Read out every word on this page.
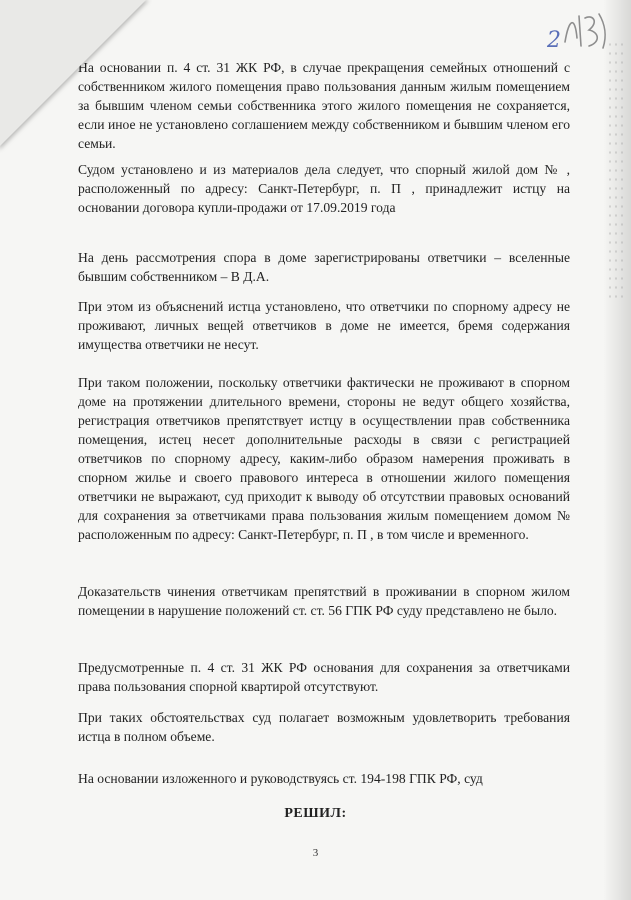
2

На основании п. 4 ст. 31 ЖК РФ, в случае прекращения семейных отношений с собственником жилого помещения право пользования данным жилым помещением за бывшим членом семьи собственника этого жилого помещения не сохраняется, если иное не установлено соглашением между собственником и бывшим членом его семьи.

Судом установлено и из материалов дела следует, что спорный жилой дом № , расположенный по адресу: Санкт-Петербург, п. П , принадлежит истцу на основании договора купли-продажи от 17.09.2019 года

На день рассмотрения спора в доме зарегистрированы ответчики – вселенные бывшим собственником – В Д.А.

При этом из объяснений истца установлено, что ответчики по спорному адресу не проживают, личных вещей ответчиков в доме не имеется, бремя содержания имущества ответчики не несут.

При таком положении, поскольку ответчики фактически не проживают в спорном доме на протяжении длительного времени, стороны не ведут общего хозяйства, регистрация ответчиков препятствует истцу в осуществлении прав собственника помещения, истец несет дополнительные расходы в связи с регистрацией ответчиков по спорному адресу, каким-либо образом намерения проживать в спорном жилье и своего правового интереса в отношении жилого помещения ответчики не выражают, суд приходит к выводу об отсутствии правовых оснований для сохранения за ответчиками права пользования жилым помещением домом № расположенным по адресу: Санкт-Петербург, п. П , в том числе и временного.

Доказательств чинения ответчикам препятствий в проживании в спорном жилом помещении в нарушение положений ст. ст. 56 ГПК РФ суду представлено не было.

Предусмотренные п. 4 ст. 31 ЖК РФ основания для сохранения за ответчиками права пользования спорной квартирой отсутствуют.

При таких обстоятельствах суд полагает возможным удовлетворить требования истца в полном объеме.

На основании изложенного и руководствуясь ст. 194-198 ГПК РФ, суд

РЕШИЛ:
3
